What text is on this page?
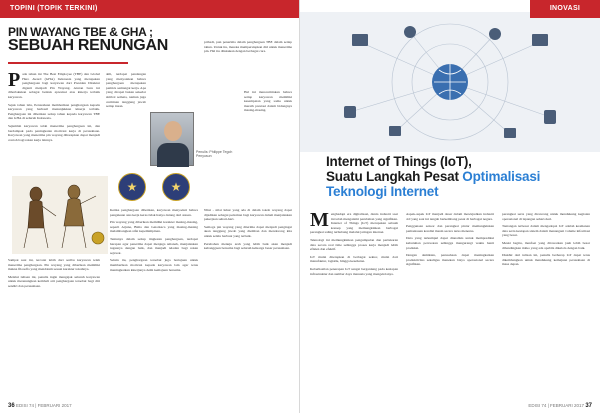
TOPINI (TOPIK TERKINI)
PIN WAYANG TBE & GHA ;
SEBUAH RENUNGAN
P ada tahun ini The Best Employee (TBE) dan Global Hero Award (GHA) Indonesia yang merupakan penghargaan bagi karyawan dari Presiden Direktur diganti menjadi Pin Wayang. Aturan baru ini diberlakukan sebagai bentuk apresiasi atas kinerja terbaik karyawan.

Sejak tahun lalu, Perusahaan memberikan penghargaan kepada karyawan yang berhasil menunjukkan kinerja terbaik. Penghargaan ini diberikan setiap tahun kepada karyawan TBE dan GHA di seluruh Indonesia.

Sejumlah karyawan telah menerima penghargaan ini, dan berdampak pada peningkatan motivasi kerja di perusahaan. Karyawan yang menerima pin wayang diharapkan dapat menjadi contoh bagi rekan kerja lainnya.

Sampai saat ini, tercatat lebih dari seribu karyawan telah menerima penghargaan. Pin wayang yang diberikan memiliki makna filosofis yang mendalam sesuai karakter tokohnya.

Melalui tulisan ini, penulis ingin mengajak seluruh karyawan untuk merenungkan kembali arti penghargaan tersebut bagi diri sendiri dan perusahaan.

ahli, terdapat pandangan yang menyatakan bahwa penghargaan merupakan pemicu semangat kerja. Apa yang dicapai bukan sekedar simbol semata, namun juga cerminan tanggung jawab setiap insan.

Penulis: Philippe Tegoh Penyusun
★	★

Ketika penghargaan diberikan, karyawan menyadari bahwa pengakuan atas kerja keras tidak hanya datang dari atasan.

Pin wayang yang diberikan memiliki karakter masing-masing, seperti Arjuna, Bima dan Gatotkaca yang masing-masing melambangkan sifat kepemimpinan.

Tentunya dalam setiap tingkatan penghargaan, terdapat harapan agar penerima dapat menjaga amanah, menjalankan tugasnya dengan baik, dan menjadi teladan bagi rekan sejawat.

Selain itu, penghargaan tersebut juga bertujuan untuk memberikan motivasi kepada karyawan lain agar terus meningkatkan kinerjanya demi kemajuan bersama.

pribadi, pun penerima dalam penghargaan TBE dalam setiap tahun. Untuk itu, mereka mempersiapkan diri untuk menerima pin. Hal itu dilakukan dengan berbagai cara.

Hal ini mencerminkan bahwa setiap karyawan memiliki kesempatan yang sama untuk meraih prestasi dalam bidangnya masing-masing.

Nilai - nilai luhur yang ada di dalam tokoh wayang dapat dijadikan sebagai pedoman bagi karyawan dalam menjalankan pekerjaan sehari-hari.

Semoga pin wayang yang diterima dapat menjadi pengingat akan tanggung jawab yang diemban dan mendorong kita untuk selalu berbuat yang terbaik.

Perubahan menuju arah yang lebih baik akan menjadi kebanggaan bersama bagi seluruh keluarga besar perusahaan.

36 EDISI 74 | FEBRUARI 2017
INOVASI
Internet of Things (IoT),
Suatu Langkah Pesat Optimalisasi
Teknologi Internet
M enghadapi era digitalisasi, dunia industri saat ini telah mengalami perubahan yang signifikan. Internet of Things (IoT) merupakan sebuah konsep yang memungkinkan berbagai perangkat saling terhubung melalui jaringan internet.

Teknologi ini memungkinkan pengumpulan dan pertukaran data secara real time sehingga proses kerja menjadi lebih efisien dan efektif.

IoT mulai diterapkan di berbagai sektor, mulai dari manufaktur, logistik, hingga kesehatan.

Keberhasilan penerapan IoT sangat bergantung pada kesiapan infrastruktur dan sumber daya manusia yang mengelolanya.

Aspek-aspek IoT menjadi dasar dalam mewujudkan industri 4.0 yang saat ini tengah berkembang pesat di berbagai negara.

Penggunaan sensor dan perangkat pintar memungkinkan pemantauan kondisi mesin secara terus menerus.

Data yang terkumpul dapat dianalisis untuk memprediksi kebutuhan perawatan sehingga mengurangi waktu henti produksi.

Dengan demikian, perusahaan dapat meningkatkan produktivitas sekaligus menekan biaya operasional secara signifikan.

perangkat serta yang dirancang untuk mendukung kegiatan operasional di lapangan sehari-hari.

Tantangan terbesar dalam mengadopsi IoT adalah keamanan data serta kesiapan sistem dalam menangani volume informasi yang besar.

Meski begitu, manfaat yang ditawarkan jauh lebih besar dibandingkan risiko yang ada apabila dikelola dengan baik.

Diakhir dari tulisan ini, penulis berharap IoT dapat terus dikembangkan untuk mendukung kemajuan perusahaan di masa depan.

EDISI 74 | FEBRUARI 2017 37
